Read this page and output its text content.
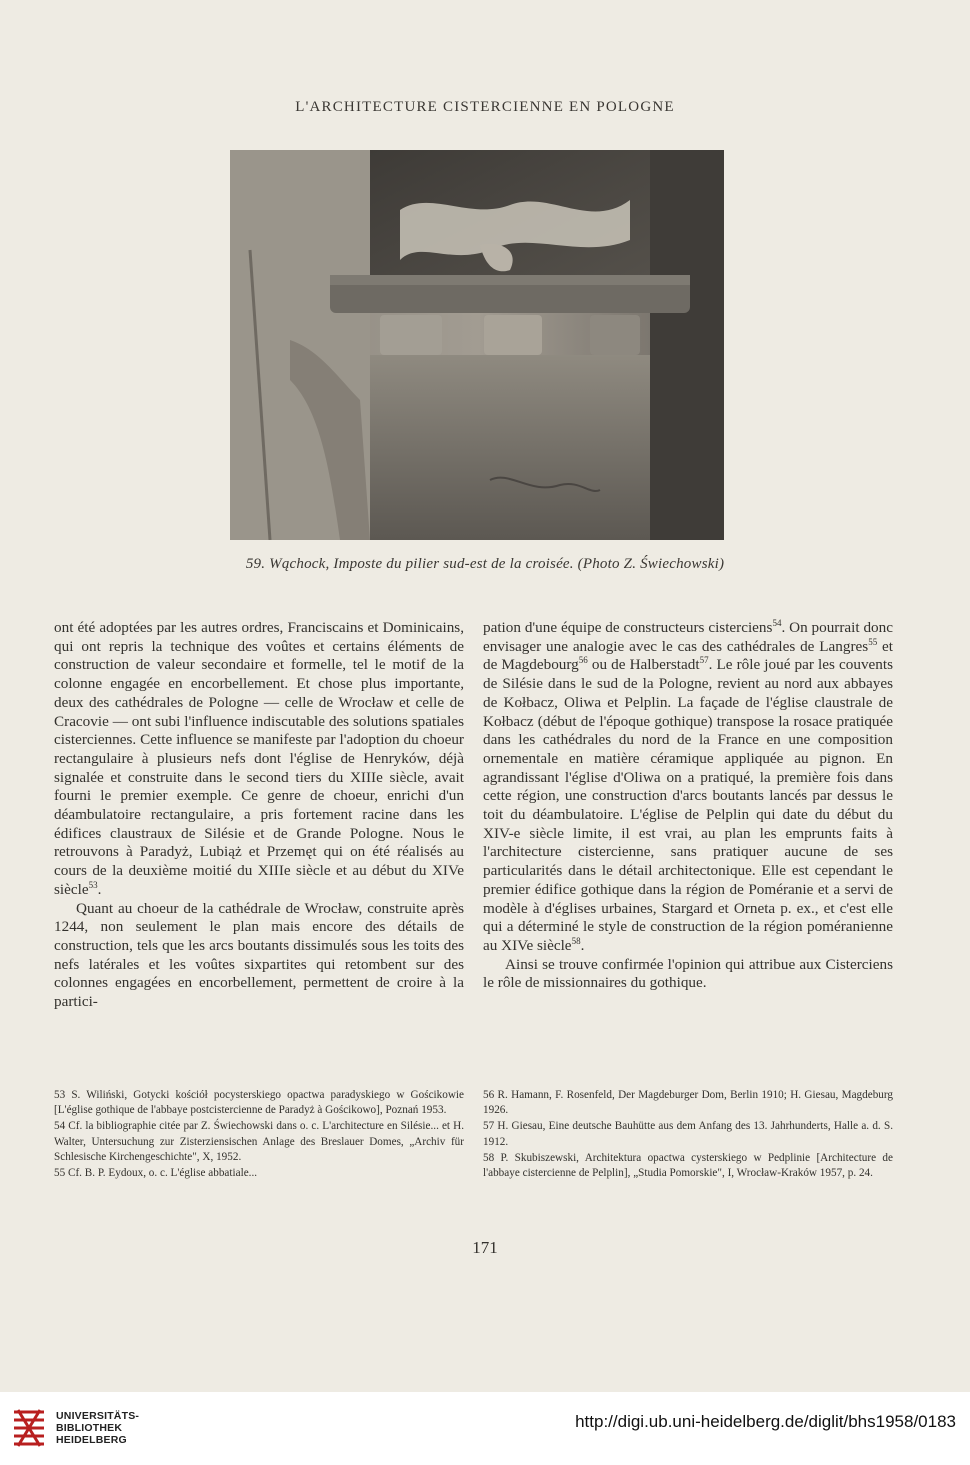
L'ARCHITECTURE CISTERCIENNE EN POLOGNE
59. Wąchock, Imposte du pilier sud-est de la croisée. (Photo Z. Świechowski)

ont été adoptées par les autres ordres, Franciscains et Dominicains, qui ont repris la technique des voûtes et certains éléments de construction de valeur secondaire et formelle, tel le motif de la colonne engagée en encorbellement. Et chose plus importante, deux des cathédrales de Pologne — celle de Wrocław et celle de Cracovie — ont subi l'influence indiscutable des solutions spatiales cisterciennes. Cette influence se manifeste par l'adoption du choeur rectangulaire à plusieurs nefs dont l'église de Henryków, déjà signalée et construite dans le second tiers du XIIIe siècle, avait fourni le premier exemple. Ce genre de choeur, enrichi d'un déambulatoire rectangulaire, a pris fortement racine dans les édifices claustraux de Silésie et de Grande Pologne. Nous le retrouvons à Paradyż, Lubiąż et Przemęt qui on été réalisés au cours de la deuxième moitié du XIIIe siècle et au début du XIVe siècle$^{53}$.

Quant au choeur de la cathédrale de Wrocław, construite après 1244, non seulement le plan mais encore des détails de construction, tels que les arcs boutants dissimulés sous les toits des nefs latérales et les voûtes sixpartites qui retombent sur des colonnes engagées en encorbellement, permettent de croire à la partici-

pation d'une équipe de constructeurs cisterciens$^{54}$. On pourrait donc envisager une analogie avec le cas des cathédrales de Langres$^{55}$ et de Magdebourg$^{56}$ ou de Halberstadt$^{57}$. Le rôle joué par les couvents de Silésie dans le sud de la Pologne, revient au nord aux abbayes de Kołbacz, Oliwa et Pelplin. La façade de l'église claustrale de Kołbacz (début de l'époque gothique) transpose la rosace pratiquée dans les cathédrales du nord de la France en une composition ornementale en matière céramique appliquée au pignon. En agrandissant l'église d'Oliwa on a pratiqué, la première fois dans cette région, une construction d'arcs boutants lancés par dessus le toit du déambulatoire. L'église de Pelplin qui date du début du XIV-e siècle limite, il est vrai, au plan les emprunts faits à l'architecture cistercienne, sans pratiquer aucune de ses particularités dans le détail architectonique. Elle est cependant le premier édifice gothique dans la région de Poméranie et a servi de modèle à d'églises urbaines, Stargard et Orneta p. ex., et c'est elle qui a déterminé le style de construction de la région poméranienne au XIVe siècle$^{58}$.

Ainsi se trouve confirmée l'opinion qui attribue aux Cisterciens le rôle de missionnaires du gothique.

53 S. Wiliński, Gotycki kościół pocysterskiego opactwa paradyskiego w Gościkowie [L'église gothique de l'abbaye postcistercienne de Paradyż à Gościkowo], Poznań 1953.

54 Cf. la bibliographie citée par Z. Świechowski dans o. c. L'architecture en Silésie... et H. Walter, Untersuchung zur Zisterziensischen Anlage des Breslauer Domes, „Archiv für Schlesische Kirchengeschichte", X, 1952.

55 Cf. B. P. Eydoux, o. c. L'église abbatiale...

56 R. Hamann, F. Rosenfeld, Der Magdeburger Dom, Berlin 1910; H. Giesau, Magdeburg 1926.

57 H. Giesau, Eine deutsche Bauhütte aus dem Anfang des 13. Jahrhunderts, Halle a. d. S. 1912.

58 P. Skubiszewski, Architektura opactwa cysterskiego w Pedplinie [Architecture de l'abbaye cistercienne de Pelplin], „Studia Pomorskie", I, Wrocław-Kraków 1957, p. 24.

171
UNIVERSITÄTS-
BIBLIOTHEK
HEIDELBERG
http://digi.ub.uni-heidelberg.de/diglit/bhs1958/0183
